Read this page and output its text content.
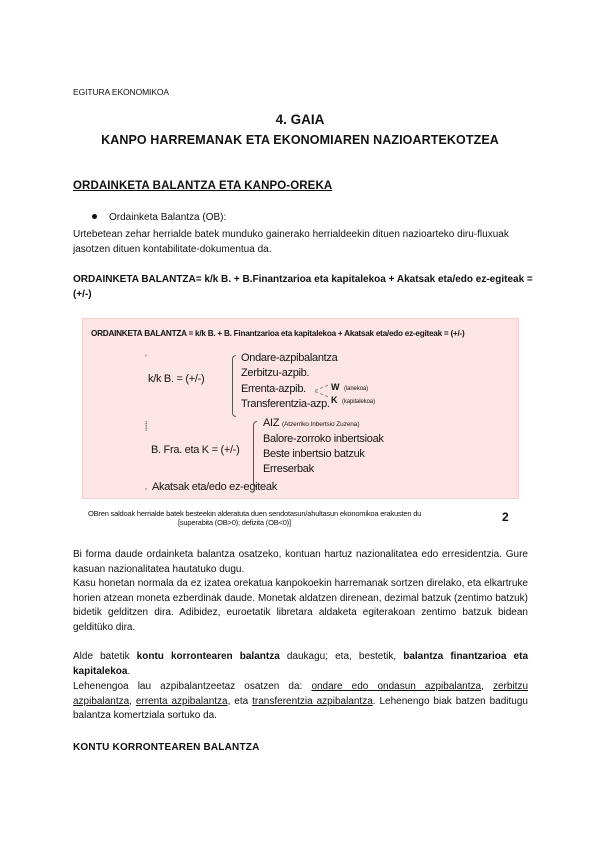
EGITURA EKONOMIKOA
4. GAIA
KANPO HARREMANAK ETA EKONOMIAREN NAZIOARTEKOTZEA
ORDAINKETA BALANTZA ETA KANPO-OREKA
Ordainketa Balantza (OB):
Urtebetean zehar herrialde batek munduko gainerako herrialdeekin dituen nazioarteko diru-fluxuak jasotzen dituen kontabilitate-dokumentua da.
ORDAINKETA BALANTZA= k/k B. + B.Finantzarioa eta kapitalekoa + Akatsak eta/edo ez-egiteak = (+/-)
ORDAINKETA BALANTZA = k/k B. + B. Finantzarioa eta kapitalekoa + Akatsak eta/edo ez-egiteak = (+/-)
ʻ
⸽
‚
k/k B. = (+/-)
Ondare-azpibalantza
Zerbitzu-azpib.
Errenta-azpib.
Transferentzia-azp.
W (lanekoa)
K (kapitalekoa)
B. Fra. eta K = (+/-)
AIZ (Atzerriko Inbertsio Zuzena)
Balore-zorroko inbertsioak
Beste inbertsio batzuk
Erreserbak
Akatsak eta/edo ez-egiteak
OBren saldoak herrialde batek besteekin alderatuta duen sendotasun/ahultasun ekonomikoa erakusten du
[superabita (OB>0); defizita (OB<0)]	2
Bi forma daude ordainketa balantza osatzeko, kontuan hartuz nazionalitatea edo erresidentzia. Gure kasuan nazionalitatea hautatuko dugu.
Kasu honetan normala da ez izatea orekatua kanpokoekin harremanak sortzen direlako, eta elkartruke horien atzean moneta ezberdinak daude. Monetak aldatzen direnean, dezimal batzuk (zentimo batzuk) bidetik gelditzen dira. Adibidez, euroetatik libretara aldaketa egiterakoan zentimo batzuk bidean gelditüko dira.
Alde batetik kontu korrontearen balantza daukagu; eta, bestetik, balantza finantzarioa eta kapitalekoa.
Lehenengoa lau azpibalantzeetaz osatzen da: ondare edo ondasun azpibalantza, zerbitzu azpibalantza, errenta azpibalantza, eta transferentzia azpibalantza. Lehenengo biak batzen baditugu balantza komertziala sortuko da.
KONTU KORRONTEAREN BALANTZA
